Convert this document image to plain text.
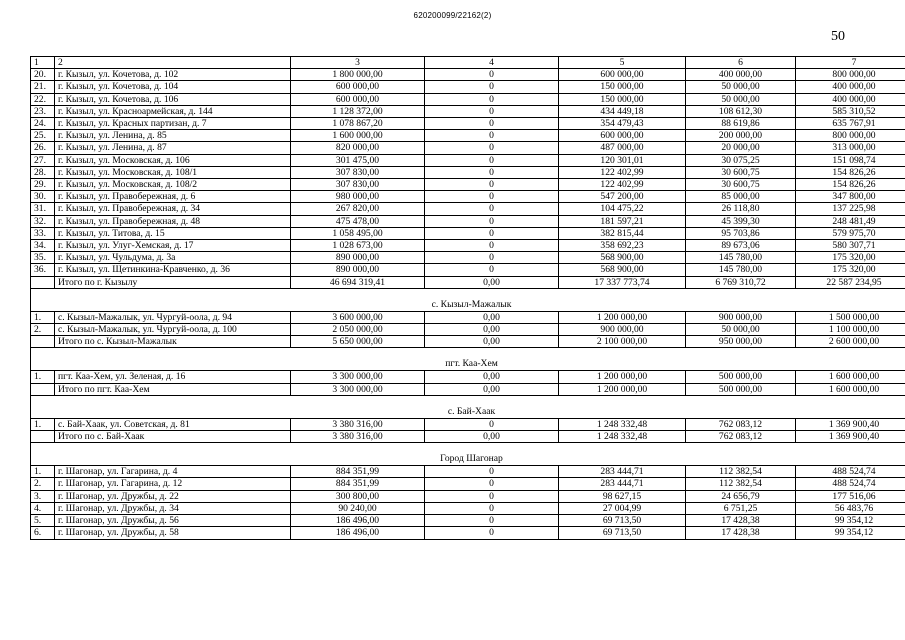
620200099/22162(2)
50
1	2	3	4	5	6	7
20.	г. Кызыл, ул. Кочетова, д. 102	1 800 000,00	0	600 000,00	400 000,00	800 000,00
21.	г. Кызыл, ул. Кочетова, д. 104	600 000,00	0	150 000,00	50 000,00	400 000,00
22.	г. Кызыл, ул. Кочетова, д. 106	600 000,00	0	150 000,00	50 000,00	400 000,00
23.	г. Кызыл, ул. Красноармейская, д. 144	1 128 372,00	0	434 449,18	108 612,30	585 310,52
24.	г. Кызыл, ул. Красных партизан, д. 7	1 078 867,20	0	354 479,43	88 619,86	635 767,91
25.	г. Кызыл, ул. Ленина, д. 85	1 600 000,00	0	600 000,00	200 000,00	800 000,00
26.	г. Кызыл, ул. Ленина, д. 87	820 000,00	0	487 000,00	20 000,00	313 000,00
27.	г. Кызыл, ул. Московская, д. 106	301 475,00	0	120 301,01	30 075,25	151 098,74
28.	г. Кызыл, ул. Московская, д. 108/1	307 830,00	0	122 402,99	30 600,75	154 826,26
29.	г. Кызыл, ул. Московская, д. 108/2	307 830,00	0	122 402,99	30 600,75	154 826,26
30.	г. Кызыл, ул. Правобережная, д. 6	980 000,00	0	547 200,00	85 000,00	347 800,00
31.	г. Кызыл, ул. Правобережная, д. 34	267 820,00	0	104 475,22	26 118,80	137 225,98
32.	г. Кызыл, ул. Правобережная, д. 48	475 478,00	0	181 597,21	45 399,30	248 481,49
33.	г. Кызыл, ул. Титова, д. 15	1 058 495,00	0	382 815,44	95 703,86	579 975,70
34.	г. Кызыл, ул. Улуг-Хемская, д. 17	1 028 673,00	0	358 692,23	89 673,06	580 307,71
35.	г. Кызыл, ул. Чульдума, д. 3а	890 000,00	0	568 900,00	145 780,00	175 320,00
36.	г. Кызыл, ул. Щетинкина-Кравченко, д. 36	890 000,00	0	568 900,00	145 780,00	175 320,00
	Итого по г. Кызылу	46 694 319,41	0,00	17 337 773,74	6 769 310,72	22 587 234,95
с. Кызыл-Мажалык						
1.	с. Кызыл-Мажалык, ул. Чургуй-оола, д. 94	3 600 000,00	0,00	1 200 000,00	900 000,00	1 500 000,00
2.	с. Кызыл-Мажалык, ул. Чургуй-оола, д. 100	2 050 000,00	0,00	900 000,00	50 000,00	1 100 000,00
	Итого по с. Кызыл-Мажалык	5 650 000,00	0,00	2 100 000,00	950 000,00	2 600 000,00
пгт. Каа-Хем						
1.	пгт. Каа-Хем, ул. Зеленая, д. 16	3 300 000,00	0,00	1 200 000,00	500 000,00	1 600 000,00
	Итого по пгт. Каа-Хем	3 300 000,00	0,00	1 200 000,00	500 000,00	1 600 000,00
с. Бай-Хаак						
1.	с. Бай-Хаак, ул. Советская, д. 81	3 380 316,00	0	1 248 332,48	762 083,12	1 369 900,40
	Итого по с. Бай-Хаак	3 380 316,00	0,00	1 248 332,48	762 083,12	1 369 900,40
Город Шагонар						
1.	г. Шагонар, ул. Гагарина, д. 4	884 351,99	0	283 444,71	112 382,54	488 524,74
2.	г. Шагонар, ул. Гагарина, д. 12	884 351,99	0	283 444,71	112 382,54	488 524,74
3.	г. Шагонар, ул. Дружбы, д. 22	300 800,00	0	98 627,15	24 656,79	177 516,06
4.	г. Шагонар, ул. Дружбы, д. 34	90 240,00	0	27 004,99	6 751,25	56 483,76
5.	г. Шагонар, ул. Дружбы, д. 56	186 496,00	0	69 713,50	17 428,38	99 354,12
6.	г. Шагонар, ул. Дружбы, д. 58	186 496,00	0	69 713,50	17 428,38	99 354,12
